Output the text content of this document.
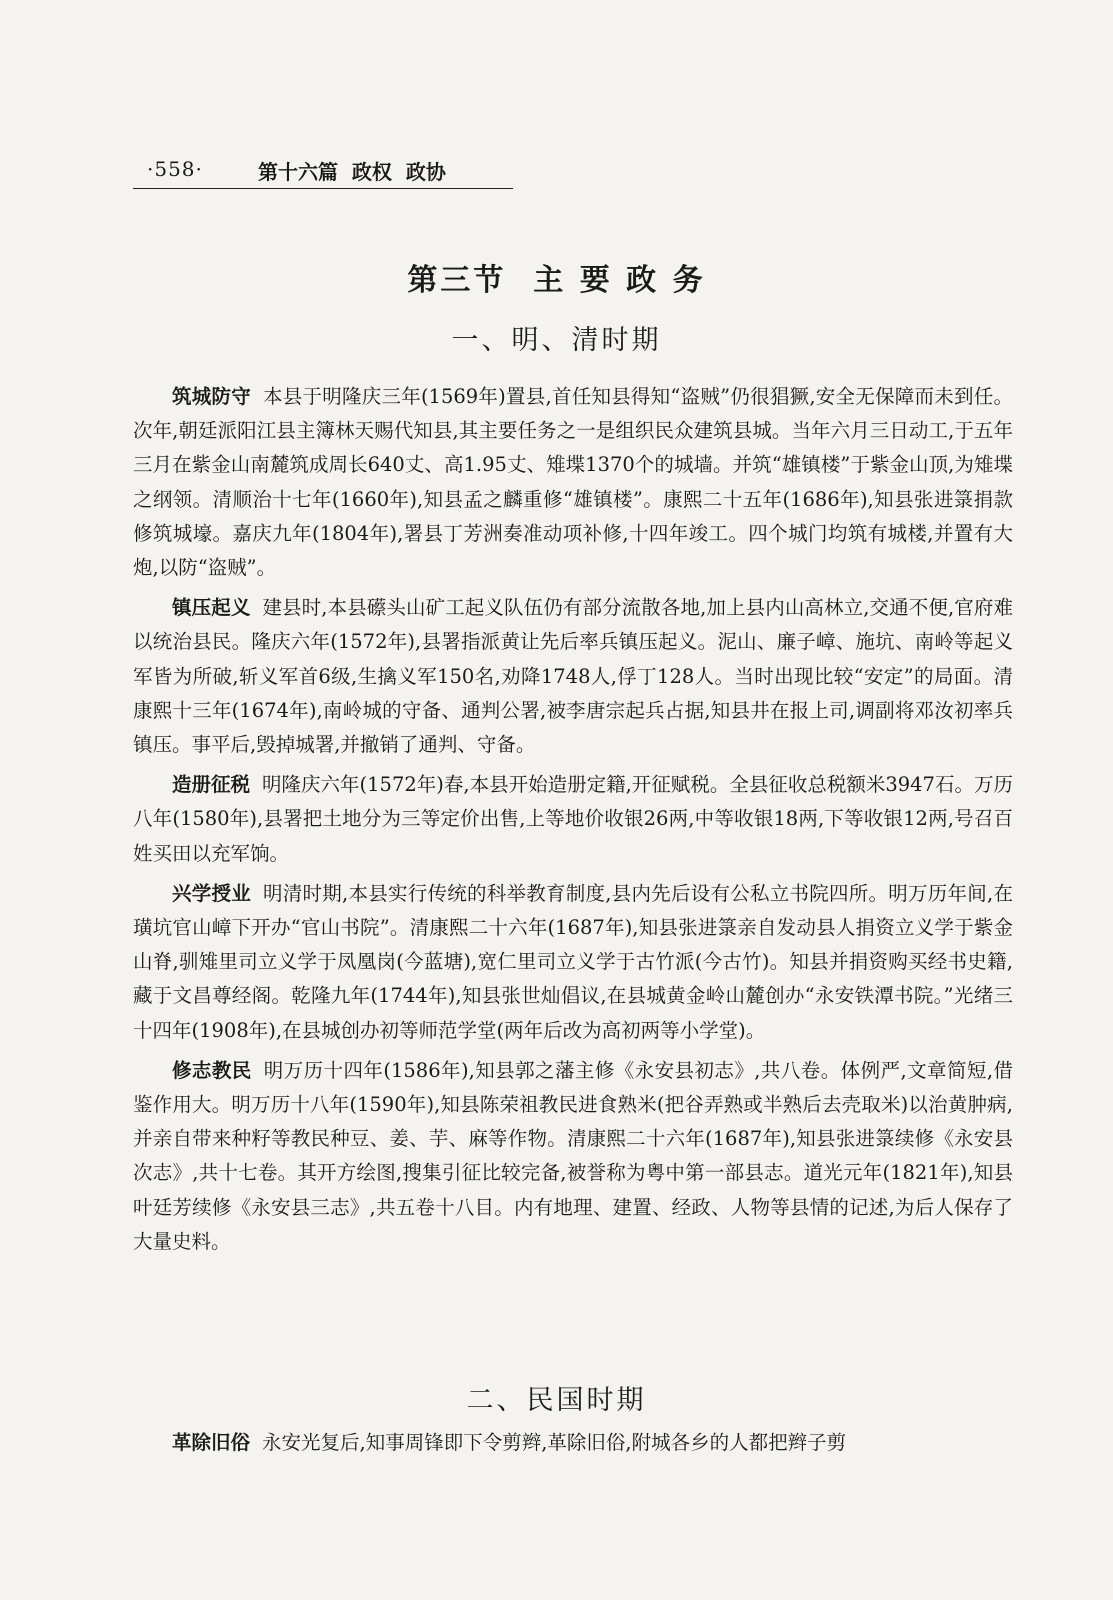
·558·	第十六篇  政权  政协
第三节  主 要 政 务
一、明、清时期

筑城防守 本县于明隆庆三年(1569年)置县,首任知县得知“盗贼”仍很猖獗,安全无保障而未到任。次年,朝廷派阳江县主簿林天赐代知县,其主要任务之一是组织民众建筑县城。当年六月三日动工,于五年三月在紫金山南麓筑成周长640丈、高1.95丈、雉堞1370个的城墙。并筑“雄镇楼”于紫金山顶,为雉堞之纲领。清顺治十七年(1660年),知县孟之麟重修“雄镇楼”。康熙二十五年(1686年),知县张进箓捐款修筑城壕。嘉庆九年(1804年),署县丁芳洲奏准动项补修,十四年竣工。四个城门均筑有城楼,并置有大炮,以防“盗贼”。

镇压起义 建县时,本县礤头山矿工起义队伍仍有部分流散各地,加上县内山高林立,交通不便,官府难以统治县民。隆庆六年(1572年),县署指派黄让先后率兵镇压起义。泥山、廉子嶂、施坑、南岭等起义军皆为所破,斩义军首6级,生擒义军150名,劝降1748人,俘丁128人。当时出现比较“安定”的局面。清康熙十三年(1674年),南岭城的守备、通判公署,被李唐宗起兵占据,知县井在报上司,调副将邓汝初率兵镇压。事平后,毁掉城署,并撤销了通判、守备。

造册征税 明隆庆六年(1572年)春,本县开始造册定籍,开征赋税。全县征收总税额米3947石。万历八年(1580年),县署把土地分为三等定价出售,上等地价收银26两,中等收银18两,下等收银12两,号召百姓买田以充军饷。

兴学授业 明清时期,本县实行传统的科举教育制度,县内先后设有公私立书院四所。明万历年间,在璜坑官山嶂下开办“官山书院”。清康熙二十六年(1687年),知县张进箓亲自发动县人捐资立义学于紫金山脊,驯雉里司立义学于凤凰岗(今蓝塘),宽仁里司立义学于古竹派(今古竹)。知县并捐资购买经书史籍,藏于文昌尊经阁。乾隆九年(1744年),知县张世灿倡议,在县城黄金岭山麓创办“永安铁潭书院。”光绪三十四年(1908年),在县城创办初等师范学堂(两年后改为高初两等小学堂)。

修志教民 明万历十四年(1586年),知县郭之藩主修《永安县初志》,共八卷。体例严,文章简短,借鉴作用大。明万历十八年(1590年),知县陈荣祖教民进食熟米(把谷弄熟或半熟后去壳取米)以治黄肿病,并亲自带来种籽等教民种豆、姜、芋、麻等作物。清康熙二十六年(1687年),知县张进箓续修《永安县次志》,共十七卷。其开方绘图,搜集引征比较完备,被誉称为粤中第一部县志。道光元年(1821年),知县叶廷芳续修《永安县三志》,共五卷十八目。内有地理、建置、经政、人物等县情的记述,为后人保存了大量史料。

二、民国时期

革除旧俗 永安光复后,知事周锋即下令剪辫,革除旧俗,附城各乡的人都把辫子剪
